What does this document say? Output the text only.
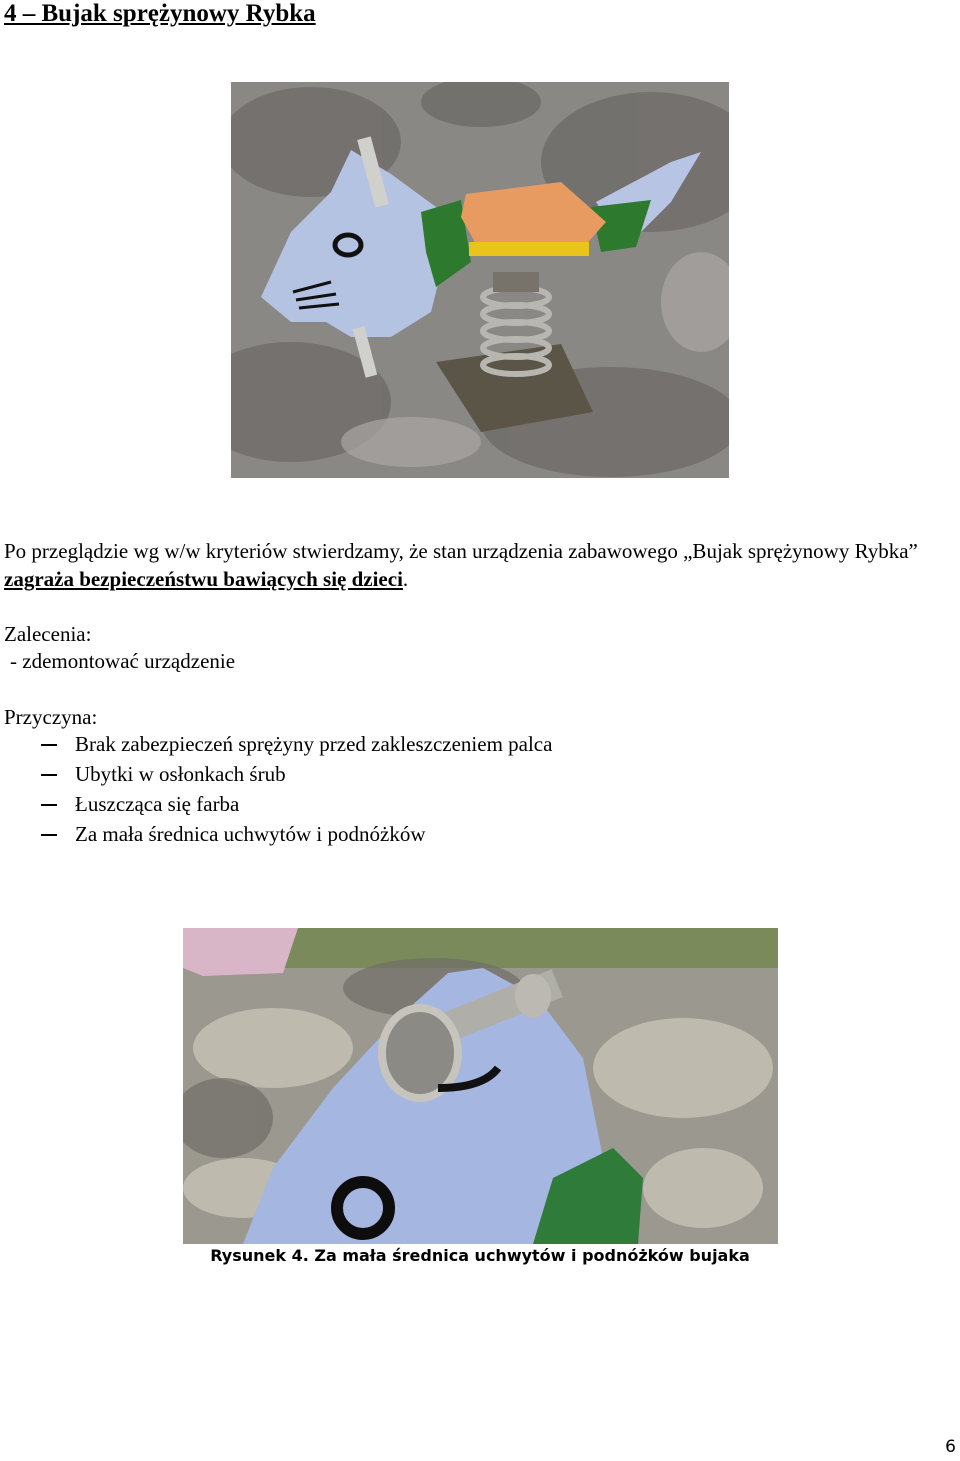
4 – Bujak sprężynowy Rybka

Po przeglądzie wg w/w kryteriów stwierdzamy, że stan urządzenia zabawowego „Bujak sprężynowy Rybka” zagraża bezpieczeństwu bawiących się dzieci.

Zalecenia:
- zdemontować urządzenie
Przyczyna:
Brak zabezpieczeń sprężyny przed zakleszczeniem palca
Ubytki w osłonkach śrub
Łuszcząca się farba
Za mała średnica uchwytów i podnóżków
Rysunek 4. Za mała średnica uchwytów i podnóżków bujaka
6
